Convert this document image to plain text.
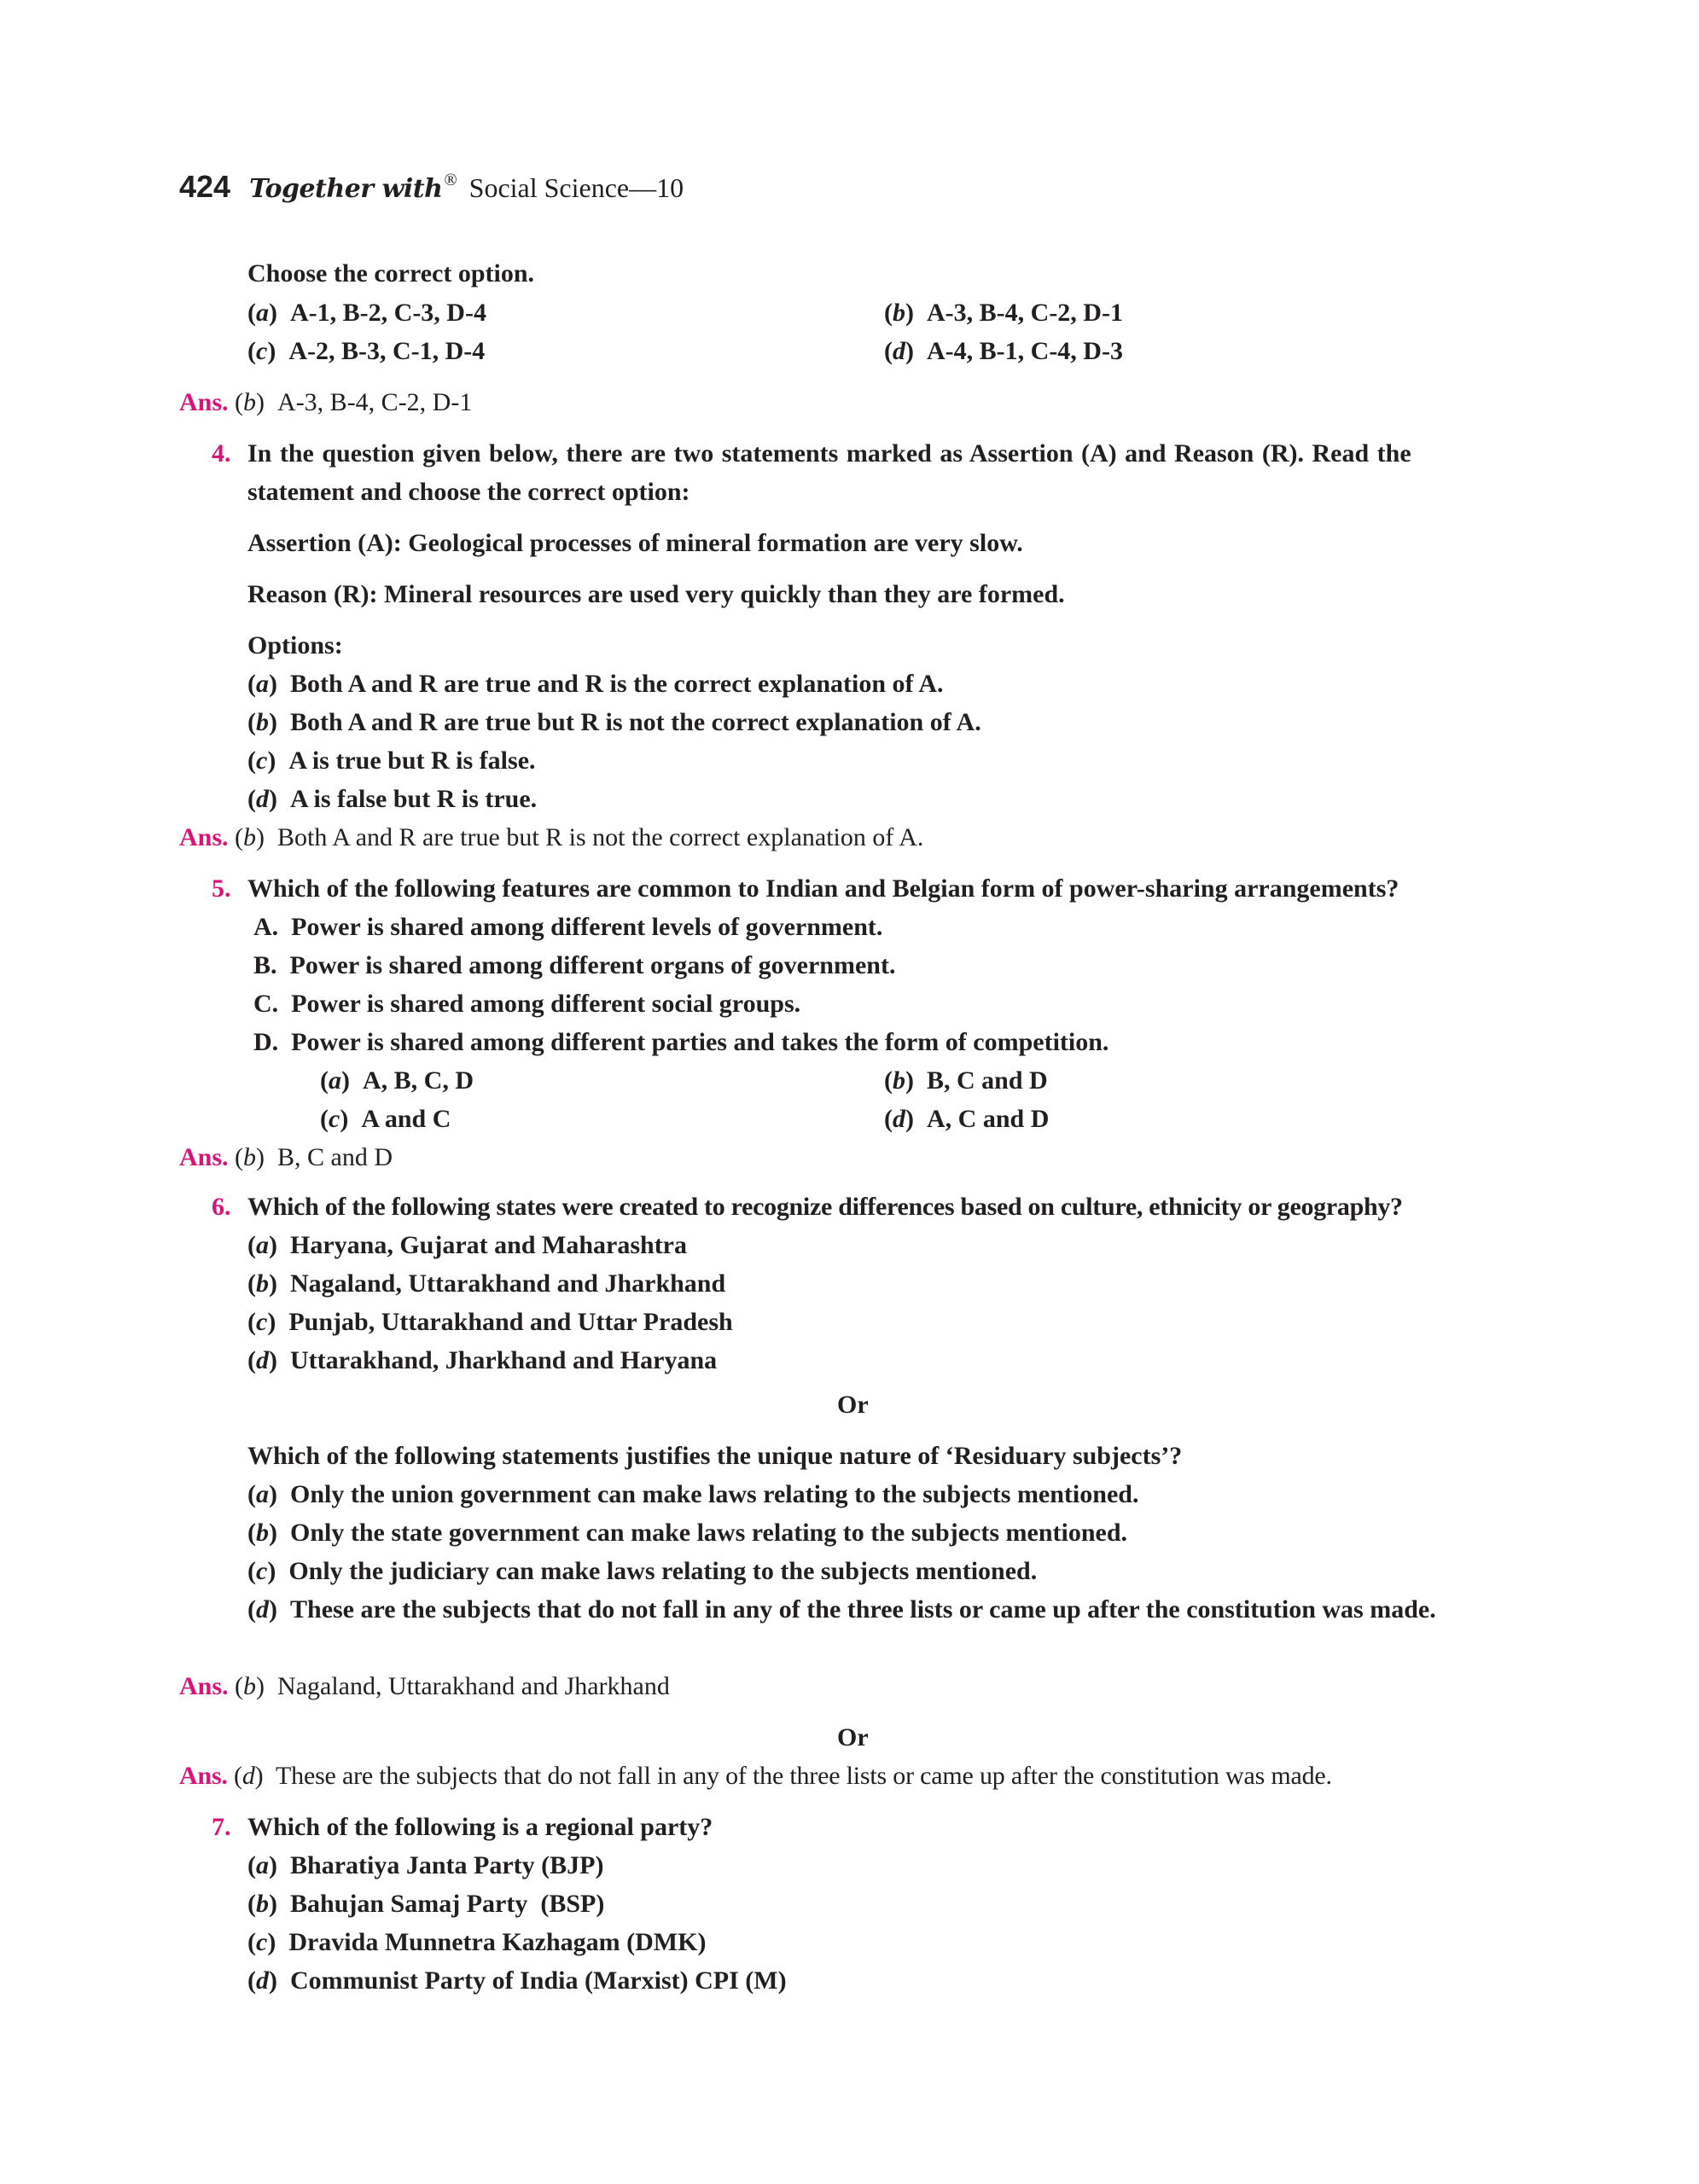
424 Together with ® Social Science—10
Choose the correct option.
(a)  A-1, B-2, C-3, D-4	(b)  A-3, B-4, C-2, D-1
(c)  A-2, B-3, C-1, D-4	(d)  A-4, B-1, C-4, D-3
Ans. (b)  A-3, B-4, C-2, D-1
4. In the question given below, there are two statements marked as Assertion (A) and Reason (R). Read the
statement and choose the correct option:
Assertion (A): Geological processes of mineral formation are very slow.
Reason (R): Mineral resources are used very quickly than they are formed.
Options:
(a)  Both A and R are true and R is the correct explanation of A.
(b)  Both A and R are true but R is not the correct explanation of A.
(c)  A is true but R is false.
(d)  A is false but R is true.
Ans. (b)  Both A and R are true but R is not the correct explanation of A.
5. Which of the following features are common to Indian and Belgian form of power-sharing arrangements?
A. Power is shared among different levels of government.
B. Power is shared among different organs of government.
C. Power is shared among different social groups.
D. Power is shared among different parties and takes the form of competition.
(a)  A, B, C, D	(b)  B, C and D
(c)  A and C	(d)  A, C and D
Ans. (b)  B, C and D
6. Which of the following states were created to recognize differences based on culture, ethnicity or geography?
(a)  Haryana, Gujarat and Maharashtra
(b)  Nagaland, Uttarakhand and Jharkhand
(c)  Punjab, Uttarakhand and Uttar Pradesh
(d)  Uttarakhand, Jharkhand and Haryana
Or
Which of the following statements justifies the unique nature of ‘Residuary subjects’?
(a)  Only the union government can make laws relating to the subjects mentioned.
(b)  Only the state government can make laws relating to the subjects mentioned.
(c)  Only the judiciary can make laws relating to the subjects mentioned.
(d) These are the subjects that do not fall in any of the three lists or came up after the constitution was made.
Ans. (b)  Nagaland, Uttarakhand and Jharkhand
Or
Ans. (d)  These are the subjects that do not fall in any of the three lists or came up after the constitution was made.
7. Which of the following is a regional party?
(a)  Bharatiya Janta Party (BJP)
(b)  Bahujan Samaj Party  (BSP)
(c)  Dravida Munnetra Kazhagam (DMK)
(d)  Communist Party of India (Marxist) CPI (M)
